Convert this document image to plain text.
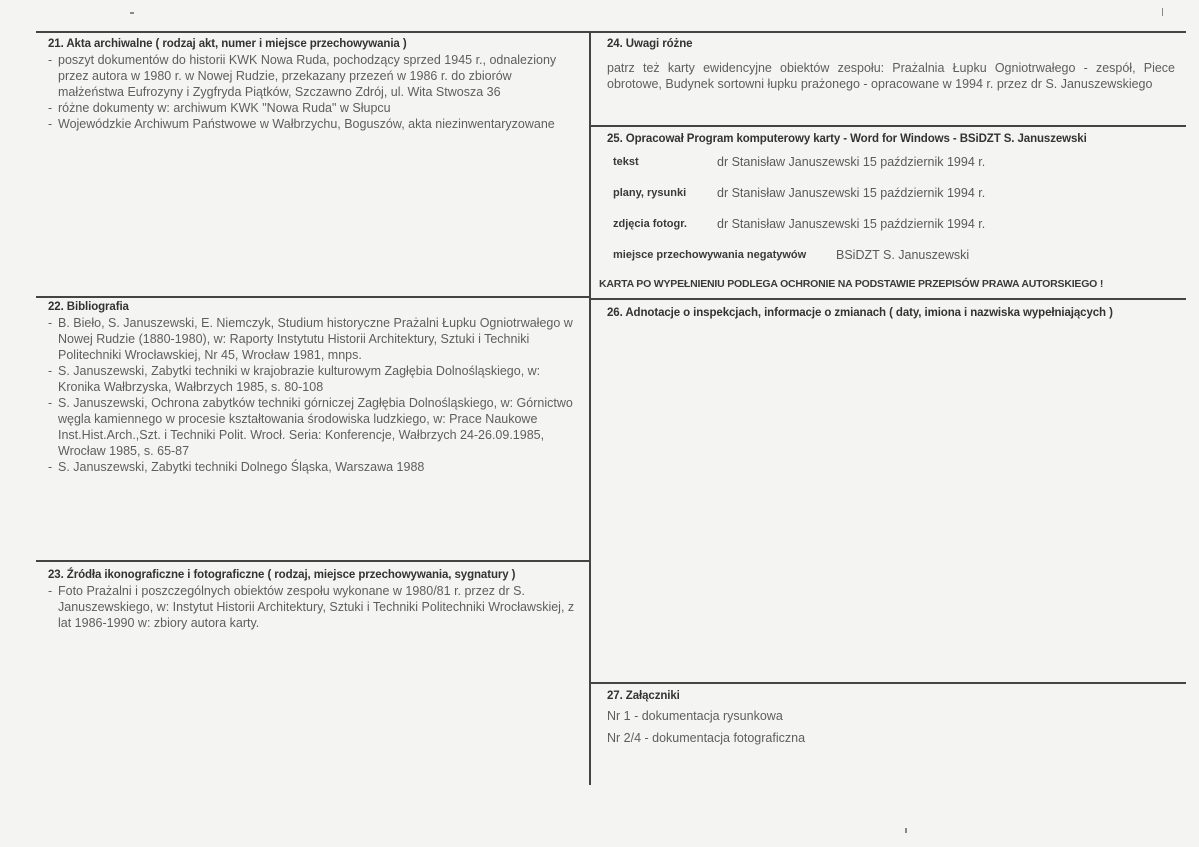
21. Akta archiwalne ( rodzaj akt, numer i miejsce przechowywania )
- poszyt dokumentów do historii KWK Nowa Ruda, pochodzący sprzed 1945 r., odnaleziony przez autora w 1980 r. w Nowej Rudzie, przekazany przezeń w 1986 r. do zbiorów małżeństwa Eufrozyny i Zygfryda Piątków, Szczawno Zdrój, ul. Wita Stwosza 36
- różne dokumenty w: archiwum KWK "Nowa Ruda" w Słupcu
- Wojewódzkie Archiwum Państwowe w Wałbrzychu, Boguszów, akta niezinwentaryzowane
22. Bibliografia
- B. Bieło, S. Januszewski, E. Niemczyk, Studium historyczne Prażalni Łupku Ogniotrwałego w Nowej Rudzie (1880-1980), w: Raporty Instytutu Historii Architektury, Sztuki i Techniki Politechniki Wrocławskiej, Nr 45, Wrocław 1981, mnps.
- S. Januszewski, Zabytki techniki w krajobrazie kulturowym Zagłębia Dolnośląskiego, w: Kronika Wałbrzyska, Wałbrzych 1985, s. 80-108
- S. Januszewski, Ochrona zabytków techniki górniczej Zagłębia Dolnośląskiego, w: Górnictwo węgla kamiennego w procesie kształtowania środowiska ludzkiego, w: Prace Naukowe Inst.Hist.Arch.,Szt. i Techniki Polit. Wrocł. Seria: Konferencje, Wałbrzych 24-26.09.1985, Wrocław 1985, s. 65-87
- S. Januszewski, Zabytki techniki Dolnego Śląska, Warszawa 1988
23. Źródła ikonograficzne i fotograficzne ( rodzaj, miejsce przechowywania, sygnatury )
- Foto Prażalni i poszczególnych obiektów zespołu wykonane w 1980/81 r. przez dr S. Januszewskiego, w: Instytut Historii Architektury, Sztuki i Techniki Politechniki Wrocławskiej, z lat 1986-1990 w: zbiory autora karty.
24. Uwagi różne
patrz też karty ewidencyjne obiektów zespołu: Prażalnia Łupku Ogniotrwałego - zespół, Piece obrotowe, Budynek sortowni łupku prażonego - opracowane w 1994 r. przez dr S. Januszewskiego
25. Opracował Program komputerowy karty - Word for Windows - BSiDZT S. Januszewski
tekst	dr Stanisław Januszewski 15 październik 1994 r.
plany, rysunki dr Stanisław Januszewski 15 październik 1994 r.
zdjęcia fotogr. dr Stanisław Januszewski 15 październik 1994 r.
miejsce przechowywania negatywów BSiDZT S. Januszewski
KARTA PO WYPEŁNIENIU PODLEGA OCHRONIE NA PODSTAWIE PRZEPISÓW PRAWA AUTORSKIEGO !
26. Adnotacje o inspekcjach, informacje o zmianach ( daty, imiona i nazwiska wypełniających )
27. Załączniki
Nr 1 - dokumentacja rysunkowa
Nr 2/4 - dokumentacja fotograficzna
